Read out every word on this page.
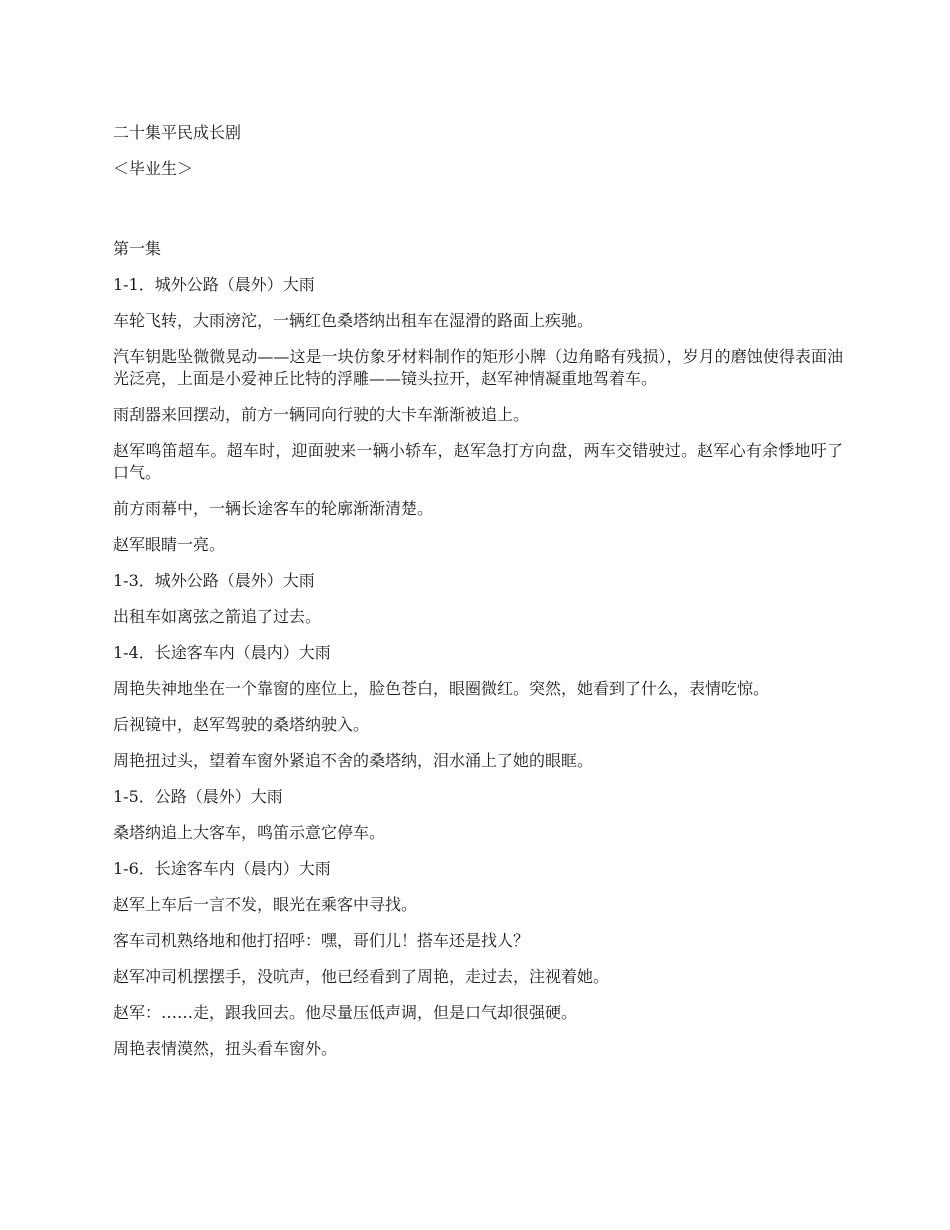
二十集平民成长剧

＜毕业生＞

第一集

1-1．城外公路（晨外）大雨

车轮飞转，大雨滂沱，一辆红色桑塔纳出租车在湿滑的路面上疾驰。

汽车钥匙坠微微晃动——这是一块仿象牙材料制作的矩形小牌（边角略有残损），岁月的磨蚀使得表面油光泛亮，上面是小爱神丘比特的浮雕——镜头拉开，赵军神情凝重地驾着车。

雨刮器来回摆动，前方一辆同向行驶的大卡车渐渐被追上。

赵军鸣笛超车。超车时，迎面驶来一辆小轿车，赵军急打方向盘，两车交错驶过。赵军心有余悸地吁了口气。

前方雨幕中，一辆长途客车的轮廓渐渐清楚。

赵军眼睛一亮。

1-3．城外公路（晨外）大雨

出租车如离弦之箭追了过去。

1-4．长途客车内（晨内）大雨

周艳失神地坐在一个靠窗的座位上，脸色苍白，眼圈微红。突然，她看到了什么，表情吃惊。

后视镜中，赵军驾驶的桑塔纳驶入。

周艳扭过头，望着车窗外紧追不舍的桑塔纳，泪水涌上了她的眼眶。

1-5．公路（晨外）大雨

桑塔纳追上大客车，鸣笛示意它停车。

1-6．长途客车内（晨内）大雨

赵军上车后一言不发，眼光在乘客中寻找。

客车司机熟络地和他打招呼：嘿，哥们儿！搭车还是找人？

赵军冲司机摆摆手，没吭声，他已经看到了周艳，走过去，注视着她。

赵军：……走，跟我回去。他尽量压低声调，但是口气却很强硬。

周艳表情漠然，扭头看车窗外。
